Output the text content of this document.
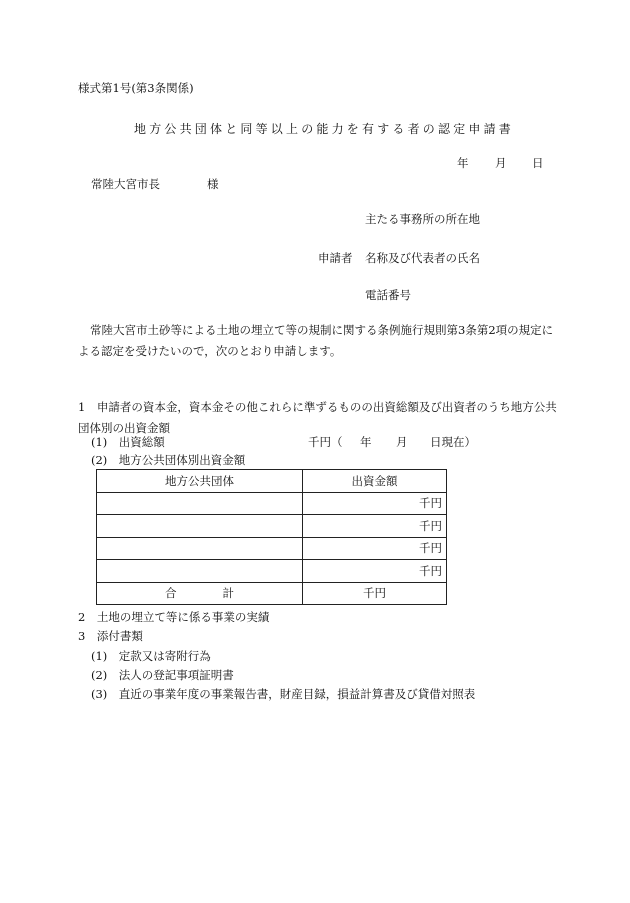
様式第1号(第3条関係)
地方公共団体と同等以上の能力を有する者の認定申請書
年 月 日
常陸大宮市長	様
主たる事務所の所在地
申請者 名称及び代表者の氏名
電話番号
常陸大宮市土砂等による土地の埋立て等の規制に関する条例施行規則第3条第2項の規定による認定を受けたいので，次のとおり申請します。
1　申請者の資本金，資本金その他これらに準ずるものの出資総額及び出資者のうち地方公共団体別の出資金額
(1)　出資総額	千円（ 年 月 日現在）
(2)　地方公共団体別出資金額
地方公共団体	出資金額
	千円
	千円
	千円
	千円
合　　　　計	千円
2　土地の埋立て等に係る事業の実績
3　添付書類
(1)　定款又は寄附行為
(2)　法人の登記事項証明書
(3)　直近の事業年度の事業報告書，財産目録，損益計算書及び貸借対照表
